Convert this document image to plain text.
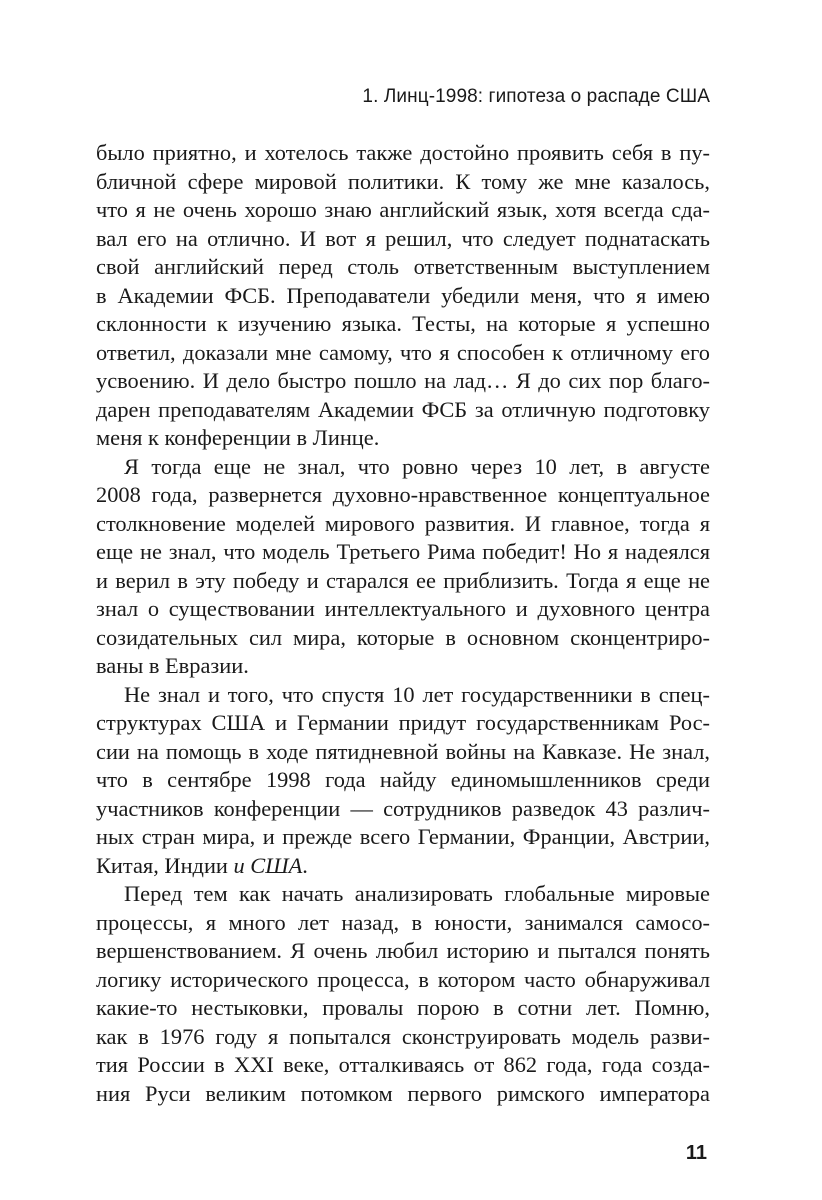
1. Линц-1998: гипотеза о распаде США
было приятно, и хотелось также достойно проявить себя в пу-
бличной сфере мировой политики. К тому же мне казалось,
что я не очень хорошо знаю английский язык, хотя всегда сда-
вал его на отлично. И вот я решил, что следует поднатаскать
свой английский перед столь ответственным выступлением
в Академии ФСБ. Преподаватели убедили меня, что я имею
склонности к изучению языка. Тесты, на которые я успешно
ответил, доказали мне самому, что я способен к отличному его
усвоению. И дело быстро пошло на лад… Я до сих пор благо-
дарен преподавателям Академии ФСБ за отличную подготовку
меня к конференции в Линце.
Я тогда еще не знал, что ровно через 10 лет, в августе
2008 года, развернется духовно-нравственное концептуальное
столкновение моделей мирового развития. И главное, тогда я
еще не знал, что модель Третьего Рима победит! Но я надеялся
и верил в эту победу и старался ее приблизить. Тогда я еще не
знал о существовании интеллектуального и духовного центра
созидательных сил мира, которые в основном сконцентриро-
ваны в Евразии.
Не знал и того, что спустя 10 лет государственники в спец-
структурах США и Германии придут государственникам Рос-
сии на помощь в ходе пятидневной войны на Кавказе. Не знал,
что в сентябре 1998 года найду единомышленников среди
участников конференции — сотрудников разведок 43 различ-
ных стран мира, и прежде всего Германии, Франции, Австрии,
Китая, Индии и США.
Перед тем как начать анализировать глобальные мировые
процессы, я много лет назад, в юности, занимался самосо-
вершенствованием. Я очень любил историю и пытался понять
логику исторического процесса, в котором часто обнаруживал
какие-то нестыковки, провалы порою в сотни лет. Помню,
как в 1976 году я попытался сконструировать модель разви-
тия России в XXI веке, отталкиваясь от 862 года, года созда-
ния Руси великим потомком первого римского императора
11
